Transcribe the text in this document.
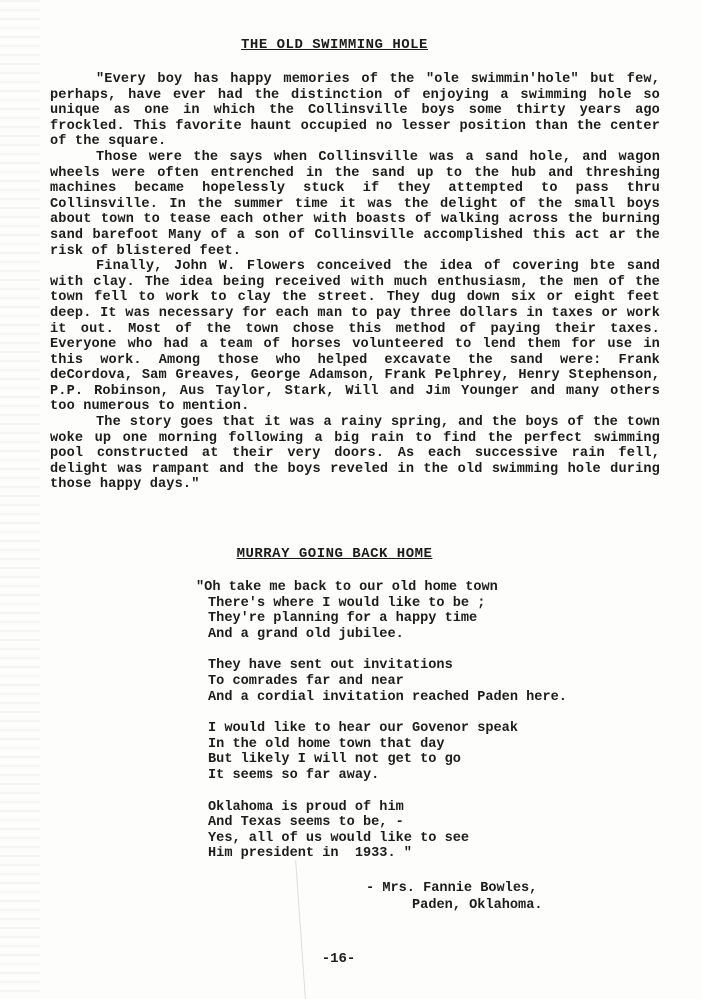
THE OLD SWIMMING HOLE

"Every boy has happy memories of the "ole swimmin'hole" but few, perhaps, have ever had the distinction of enjoying a swimming hole so unique as one in which the Collinsville boys some thirty years ago frockled. This favorite haunt occupied no lesser position than the center of the square.

Those were the says when Collinsville was a sand hole, and wagon wheels were often entrenched in the sand up to the hub and threshing machines became hopelessly stuck if they attempted to pass thru Collinsville. In the summer time it was the delight of the small boys about town to tease each other with boasts of walking across the burning sand barefoot Many of a son of Collinsville accomplished this act ar the risk of blistered feet.

Finally, John W. Flowers conceived the idea of covering bte sand with clay. The idea being received with much enthusiasm, the men of the town fell to work to clay the street. They dug down six or eight feet deep. It was necessary for each man to pay three dollars in taxes or work it out. Most of the town chose this method of paying their taxes. Everyone who had a team of horses volunteered to lend them for use in this work. Among those who helped excavate the sand were: Frank deCordova, Sam Greaves, George Adamson, Frank Pelphrey, Henry Stephenson, P.P. Robinson, Aus Taylor, Stark, Will and Jim Younger and many others too numerous to mention.

The story goes that it was a rainy spring, and the boys of the town woke up one morning following a big rain to find the perfect swimming pool constructed at their very doors. As each successive rain fell, delight was rampant and the boys reveled in the old swimming hole during those happy days."

MURRAY GOING BACK HOME
"Oh take me back to our old home town
There's where I would like to be ;
They're planning for a happy time
And a grand old jubilee.
They have sent out invitations
To comrades far and near
And a cordial invitation reached Paden here.
I would like to hear our Govenor speak
In the old home town that day
But likely I will not get to go
It seems so far away.
Oklahoma is proud of him
And Texas seems to be, -
Yes, all of us would like to see
Him president in  1933. "
- Mrs. Fannie Bowles,
Paden, Oklahoma.
-16-
